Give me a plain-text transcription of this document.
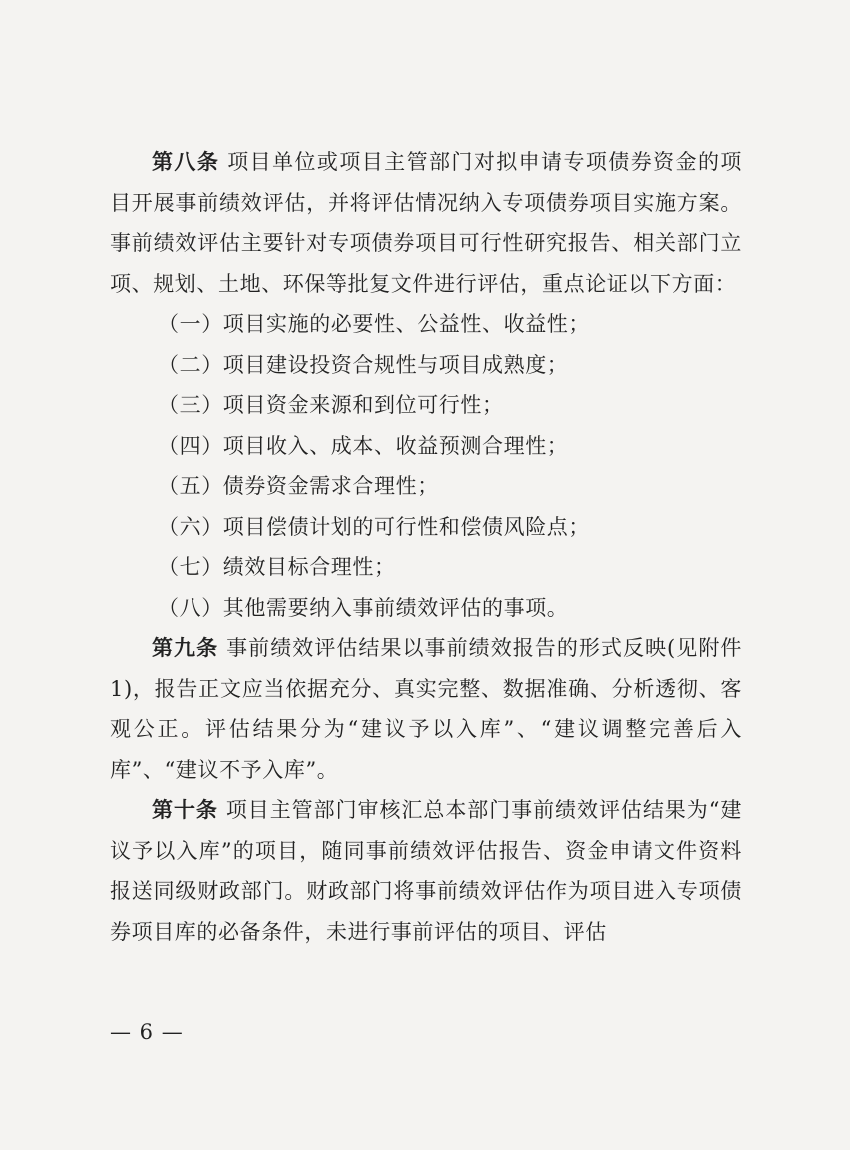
第八条 项目单位或项目主管部门对拟申请专项债券资金的项目开展事前绩效评估，并将评估情况纳入专项债券项目实施方案。事前绩效评估主要针对专项债券项目可行性研究报告、相关部门立项、规划、土地、环保等批复文件进行评估，重点论证以下方面：

（一）项目实施的必要性、公益性、收益性；

（二）项目建设投资合规性与项目成熟度；

（三）项目资金来源和到位可行性；

（四）项目收入、成本、收益预测合理性；

（五）债券资金需求合理性；

（六）项目偿债计划的可行性和偿债风险点；

（七）绩效目标合理性；

（八）其他需要纳入事前绩效评估的事项。

第九条 事前绩效评估结果以事前绩效报告的形式反映(见附件 1)，报告正文应当依据充分、真实完整、数据准确、分析透彻、客观公正。评估结果分为“建议予以入库”、“建议调整完善后入库”、“建议不予入库”。

第十条 项目主管部门审核汇总本部门事前绩效评估结果为“建议予以入库”的项目，随同事前绩效评估报告、资金申请文件资料报送同级财政部门。财政部门将事前绩效评估作为项目进入专项债券项目库的必备条件，未进行事前评估的项目、评估

— 6 —
